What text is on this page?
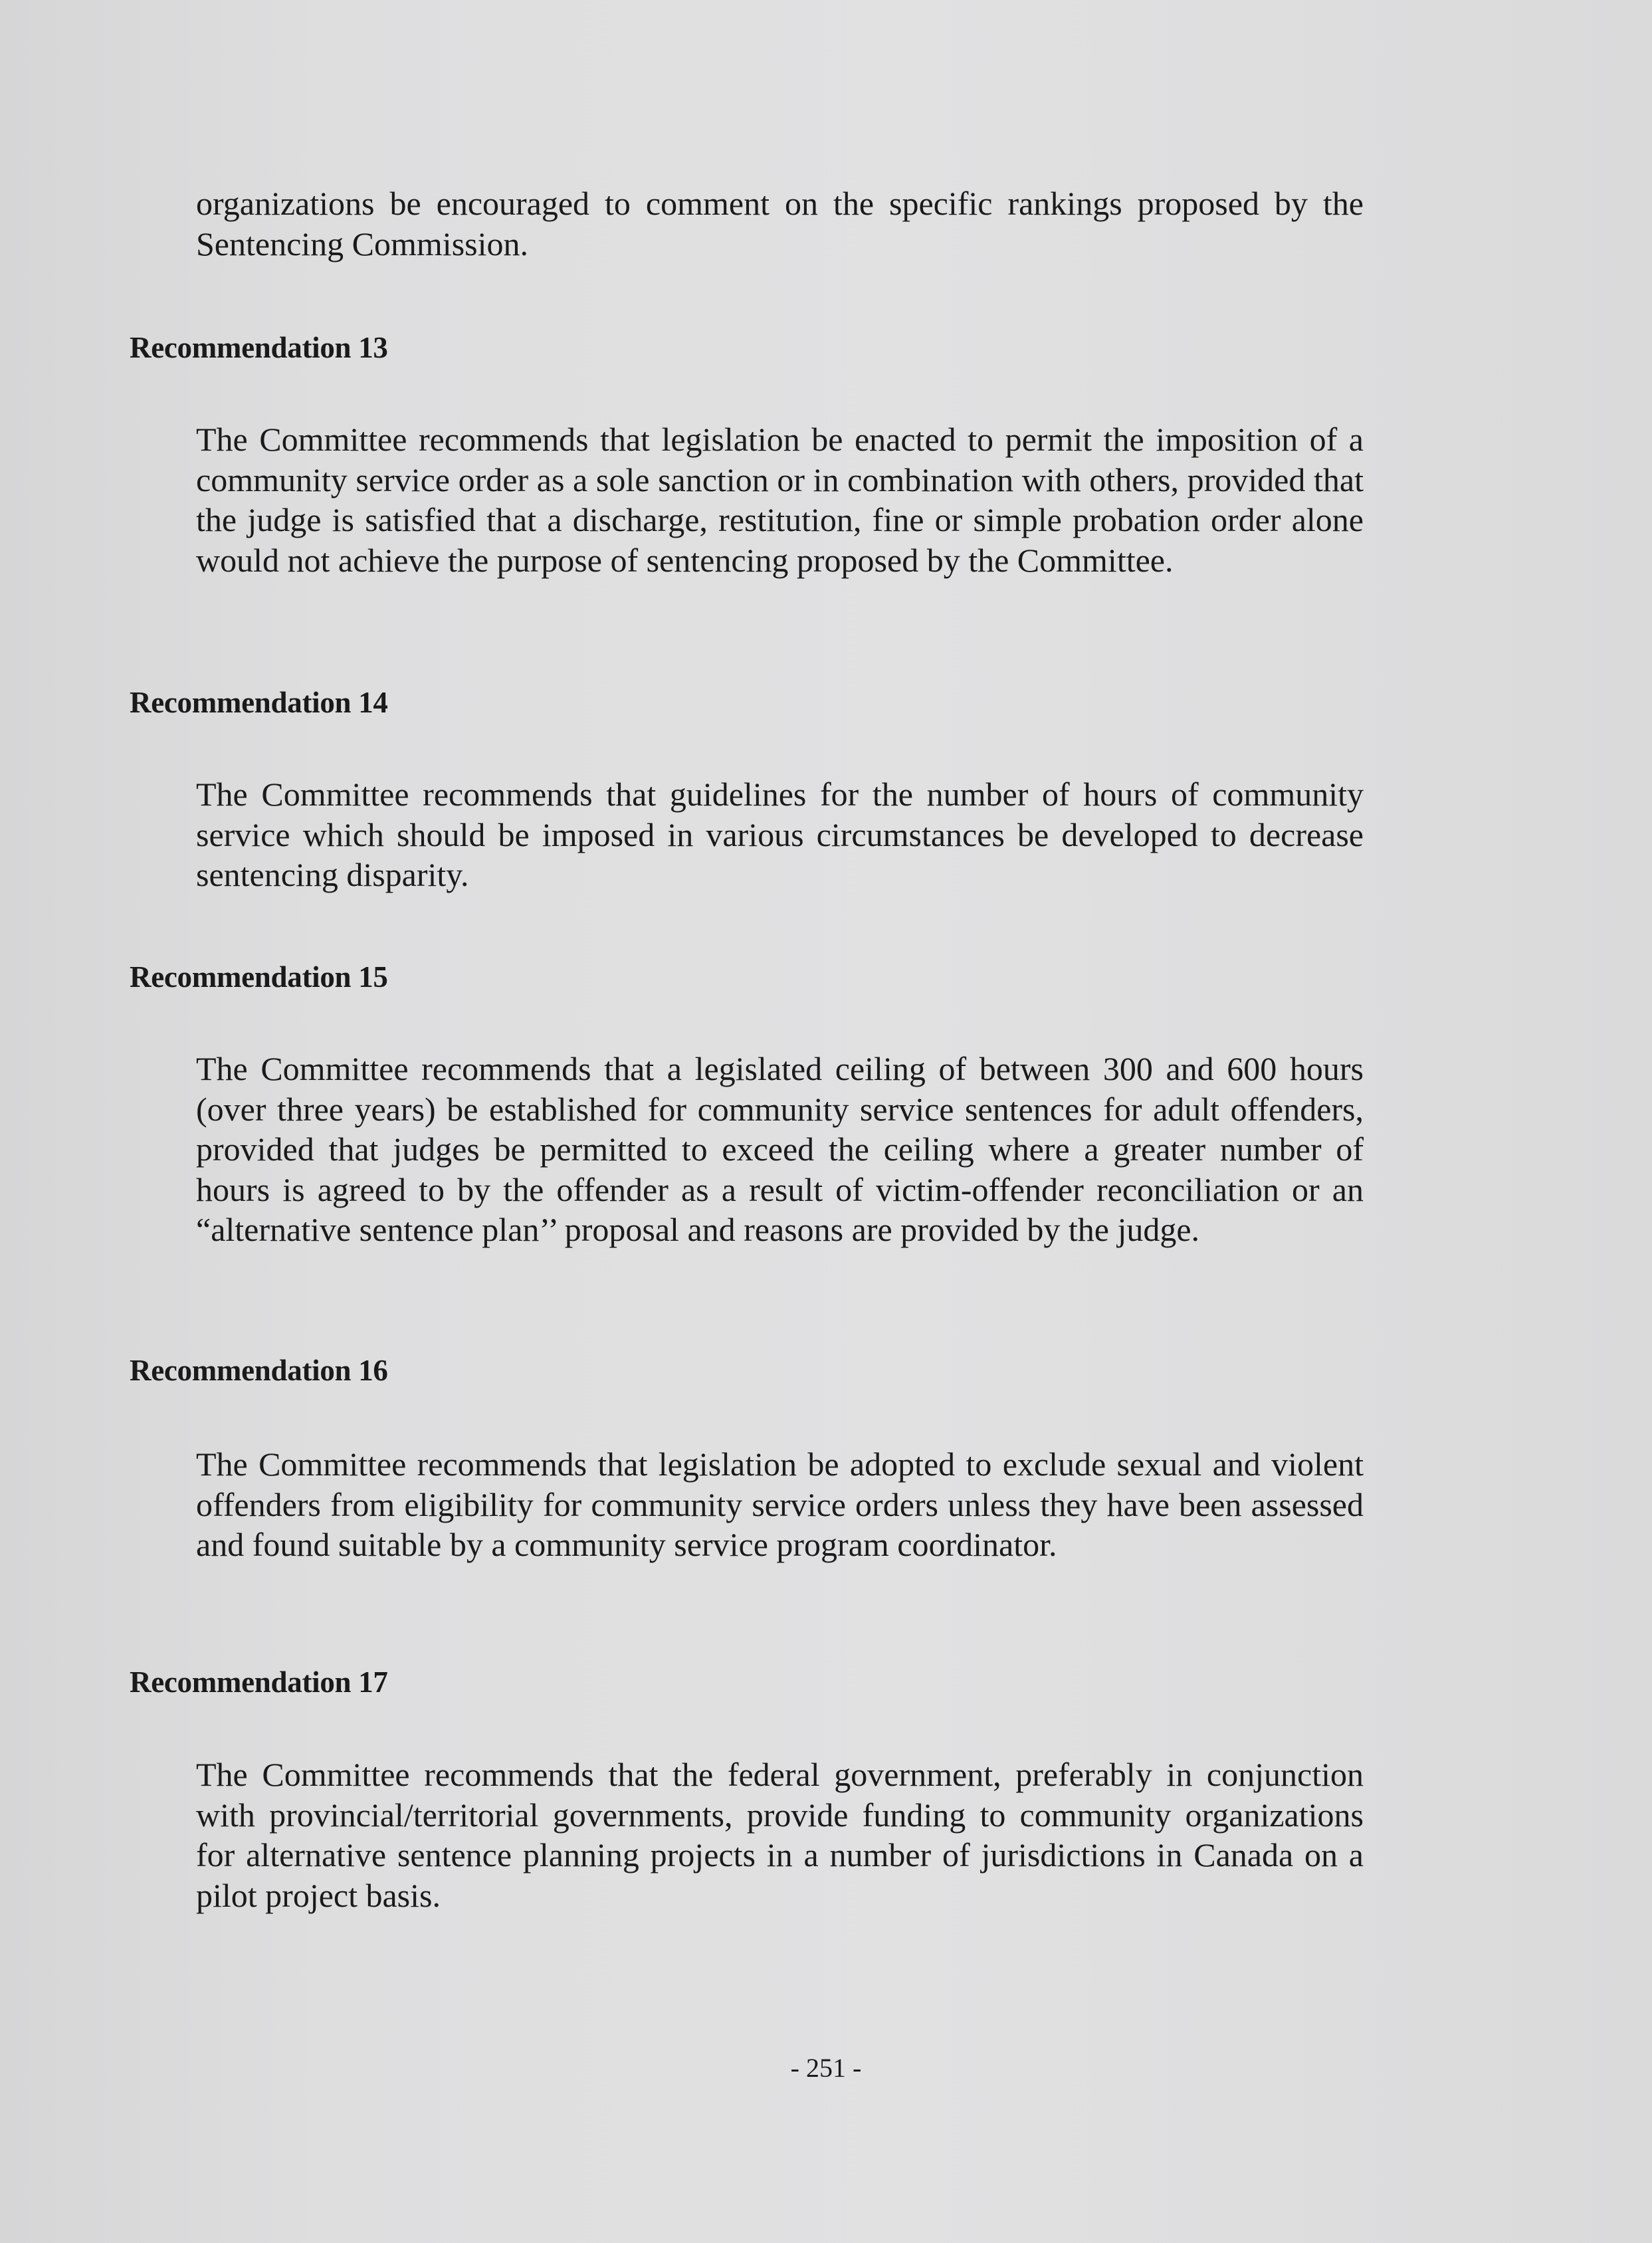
organizations be encouraged to comment on the specific rankings proposed by the Sentencing Commission.

Recommendation 13

The Committee recommends that legislation be enacted to permit the imposition of a community service order as a sole sanction or in combination with others, provided that the judge is satisfied that a discharge, restitution, fine or simple probation order alone would not achieve the purpose of sentencing proposed by the Committee.

Recommendation 14

The Committee recommends that guidelines for the number of hours of community service which should be imposed in various circumstances be developed to decrease sentencing disparity.

Recommendation 15

The Committee recommends that a legislated ceiling of between 300 and 600 hours (over three years) be established for community service sentences for adult offenders, provided that judges be permitted to exceed the ceiling where a greater number of hours is agreed to by the offender as a result of victim-offender reconciliation or an “alternative sentence plan’’ proposal and reasons are provided by the judge.

Recommendation 16

The Committee recommends that legislation be adopted to exclude sexual and violent offenders from eligibility for community service orders unless they have been assessed and found suitable by a community service program coordinator.

Recommendation 17

The Committee recommends that the federal government, preferably in conjunction with provincial/territorial governments, provide funding to community organizations for alternative sentence planning projects in a number of jurisdictions in Canada on a pilot project basis.

- 251 -
